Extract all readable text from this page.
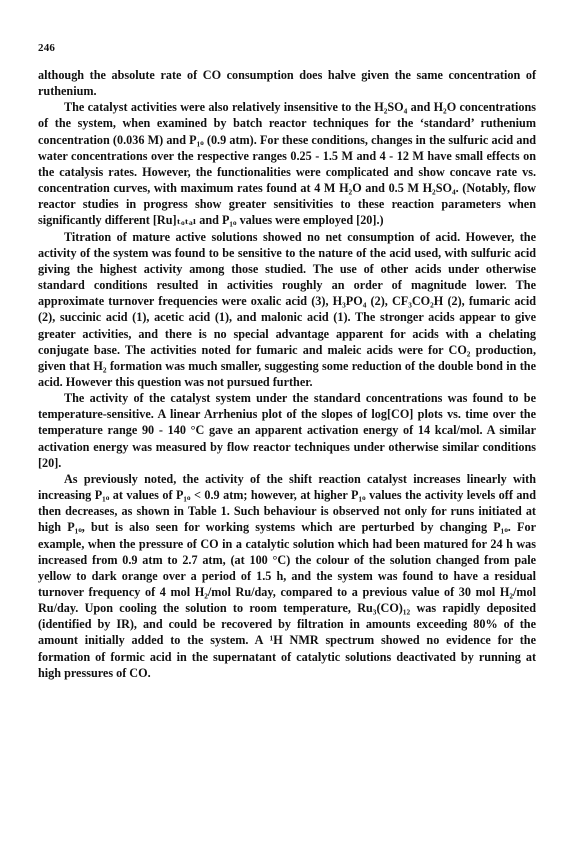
246

although the absolute rate of CO consumption does halve given the same concentration of ruthenium.

The catalyst activities were also relatively insensitive to the H₂SO₄ and H₂O concentrations of the system, when examined by batch reactor techniques for the ‘standard’ ruthenium concentration (0.036 M) and P₁ₒ (0.9 atm). For these conditions, changes in the sulfuric acid and water concentrations over the respective ranges 0.25 - 1.5 M and 4 - 12 M have small effects on the catalysis rates. However, the functionalities were complicated and show concave rate vs. concentration curves, with maximum rates found at 4 M H₂O and 0.5 M H₂SO₄. (Notably, flow reactor studies in progress show greater sensitivities to these reaction parameters when significantly different [Ru]ₜₒₜₐₗ and P₁ₒ values were employed [20].)

Titration of mature active solutions showed no net consumption of acid. However, the activity of the system was found to be sensitive to the nature of the acid used, with sulfuric acid giving the highest activity among those studied. The use of other acids under otherwise standard conditions resulted in activities roughly an order of magnitude lower. The approximate turnover frequencies were oxalic acid (3), H₃PO₄ (2), CF₃CO₂H (2), fumaric acid (2), succinic acid (1), acetic acid (1), and malonic acid (1). The stronger acids appear to give greater activities, and there is no special advantage apparent for acids with a chelating conjugate base. The activities noted for fumaric and maleic acids were for CO₂ production, given that H₂ formation was much smaller, suggesting some reduction of the double bond in the acid. However this question was not pursued further.

The activity of the catalyst system under the standard concentrations was found to be temperature-sensitive. A linear Arrhenius plot of the slopes of log[CO] plots vs. time over the temperature range 90 - 140 °C gave an apparent activation energy of 14 kcal/mol. A similar activation energy was measured by flow reactor techniques under otherwise similar conditions [20].

As previously noted, the activity of the shift reaction catalyst increases linearly with increasing P₁ₒ at values of P₁ₒ < 0.9 atm; however, at higher P₁ₒ values the activity levels off and then decreases, as shown in Table 1. Such behaviour is observed not only for runs initiated at high P₁ₒ, but is also seen for working systems which are perturbed by changing P₁ₒ. For example, when the pressure of CO in a catalytic solution which had been matured for 24 h was increased from 0.9 atm to 2.7 atm, (at 100 °C) the colour of the solution changed from pale yellow to dark orange over a period of 1.5 h, and the system was found to have a residual turnover frequency of 4 mol H₂/mol Ru/day, compared to a previous value of 30 mol H₂/mol Ru/day. Upon cooling the solution to room temperature, Ru₃(CO)₁₂ was rapidly deposited (identified by IR), and could be recovered by filtration in amounts exceeding 80% of the amount initially added to the system. A ¹H NMR spectrum showed no evidence for the formation of formic acid in the supernatant of catalytic solutions deactivated by running at high pressures of CO.
